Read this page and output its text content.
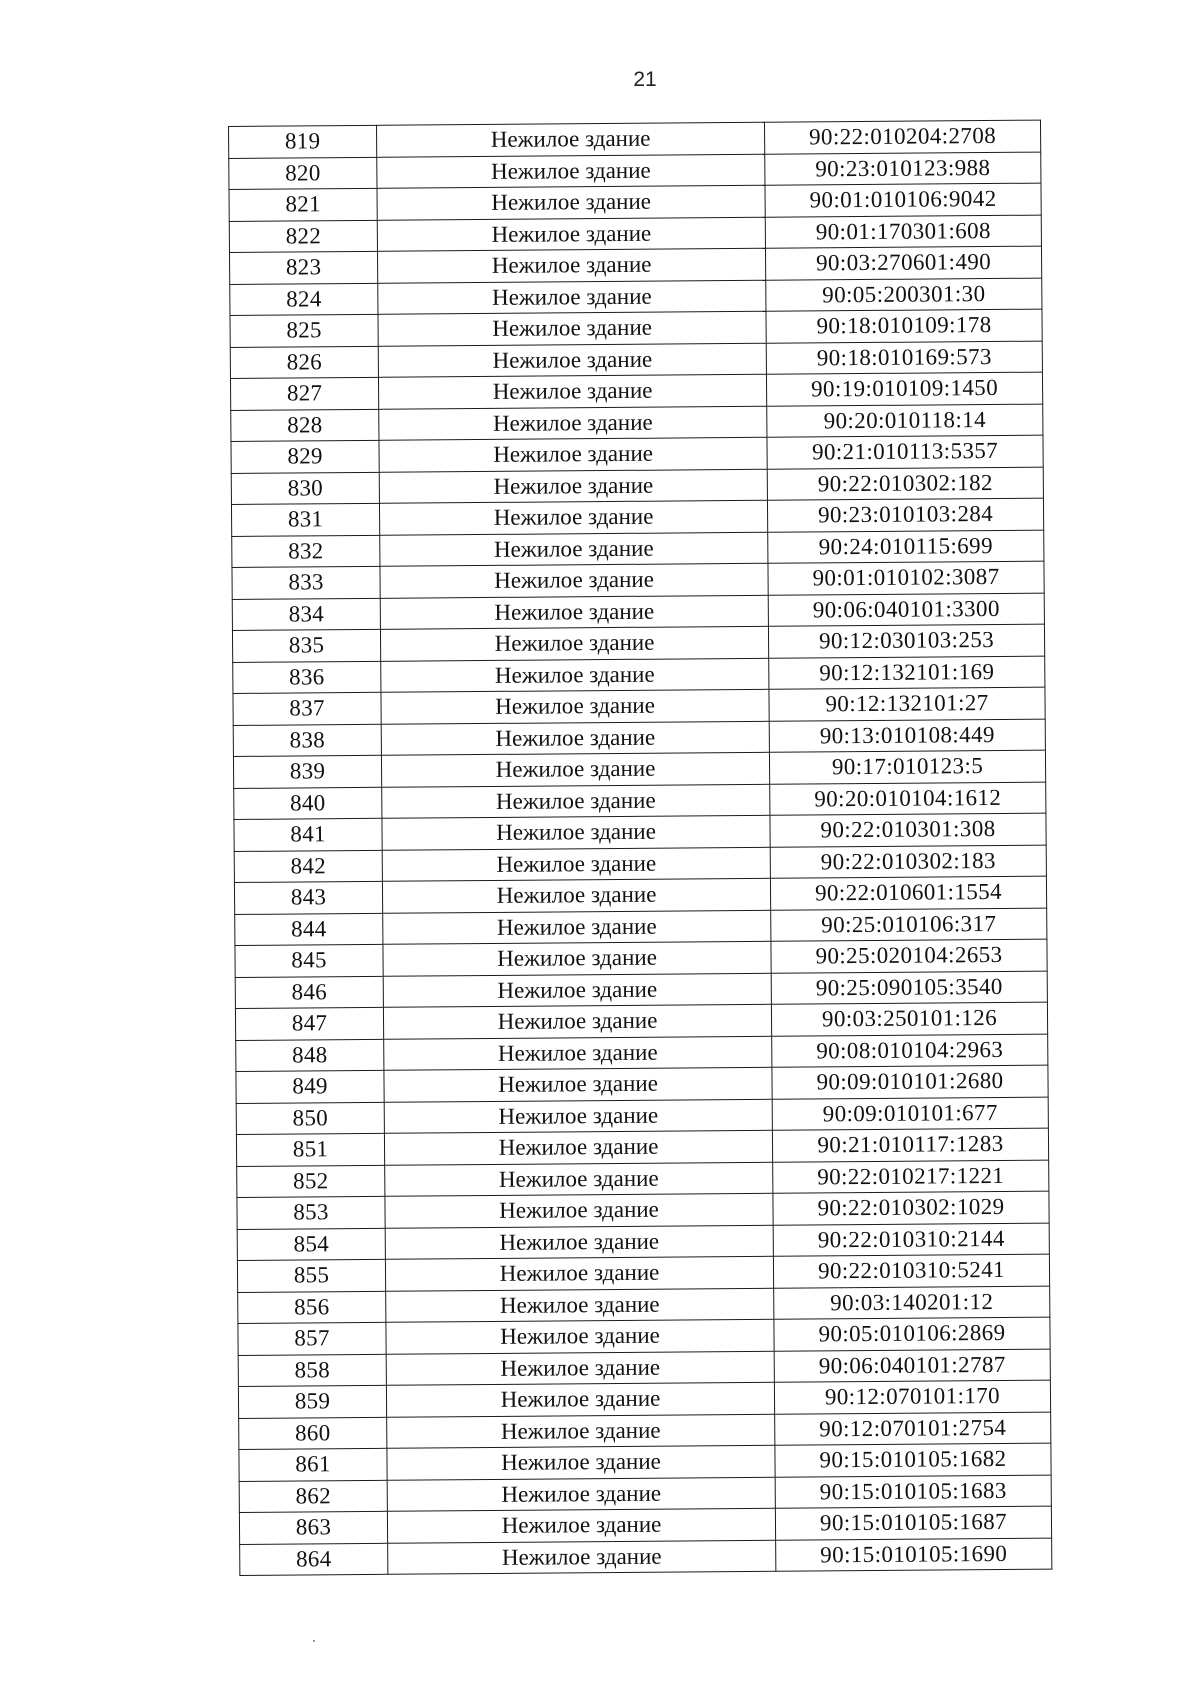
21
819	Нежилое здание	90:22:010204:2708
820	Нежилое здание	90:23:010123:988
821	Нежилое здание	90:01:010106:9042
822	Нежилое здание	90:01:170301:608
823	Нежилое здание	90:03:270601:490
824	Нежилое здание	90:05:200301:30
825	Нежилое здание	90:18:010109:178
826	Нежилое здание	90:18:010169:573
827	Нежилое здание	90:19:010109:1450
828	Нежилое здание	90:20:010118:14
829	Нежилое здание	90:21:010113:5357
830	Нежилое здание	90:22:010302:182
831	Нежилое здание	90:23:010103:284
832	Нежилое здание	90:24:010115:699
833	Нежилое здание	90:01:010102:3087
834	Нежилое здание	90:06:040101:3300
835	Нежилое здание	90:12:030103:253
836	Нежилое здание	90:12:132101:169
837	Нежилое здание	90:12:132101:27
838	Нежилое здание	90:13:010108:449
839	Нежилое здание	90:17:010123:5
840	Нежилое здание	90:20:010104:1612
841	Нежилое здание	90:22:010301:308
842	Нежилое здание	90:22:010302:183
843	Нежилое здание	90:22:010601:1554
844	Нежилое здание	90:25:010106:317
845	Нежилое здание	90:25:020104:2653
846	Нежилое здание	90:25:090105:3540
847	Нежилое здание	90:03:250101:126
848	Нежилое здание	90:08:010104:2963
849	Нежилое здание	90:09:010101:2680
850	Нежилое здание	90:09:010101:677
851	Нежилое здание	90:21:010117:1283
852	Нежилое здание	90:22:010217:1221
853	Нежилое здание	90:22:010302:1029
854	Нежилое здание	90:22:010310:2144
855	Нежилое здание	90:22:010310:5241
856	Нежилое здание	90:03:140201:12
857	Нежилое здание	90:05:010106:2869
858	Нежилое здание	90:06:040101:2787
859	Нежилое здание	90:12:070101:170
860	Нежилое здание	90:12:070101:2754
861	Нежилое здание	90:15:010105:1682
862	Нежилое здание	90:15:010105:1683
863	Нежилое здание	90:15:010105:1687
864	Нежилое здание	90:15:010105:1690
